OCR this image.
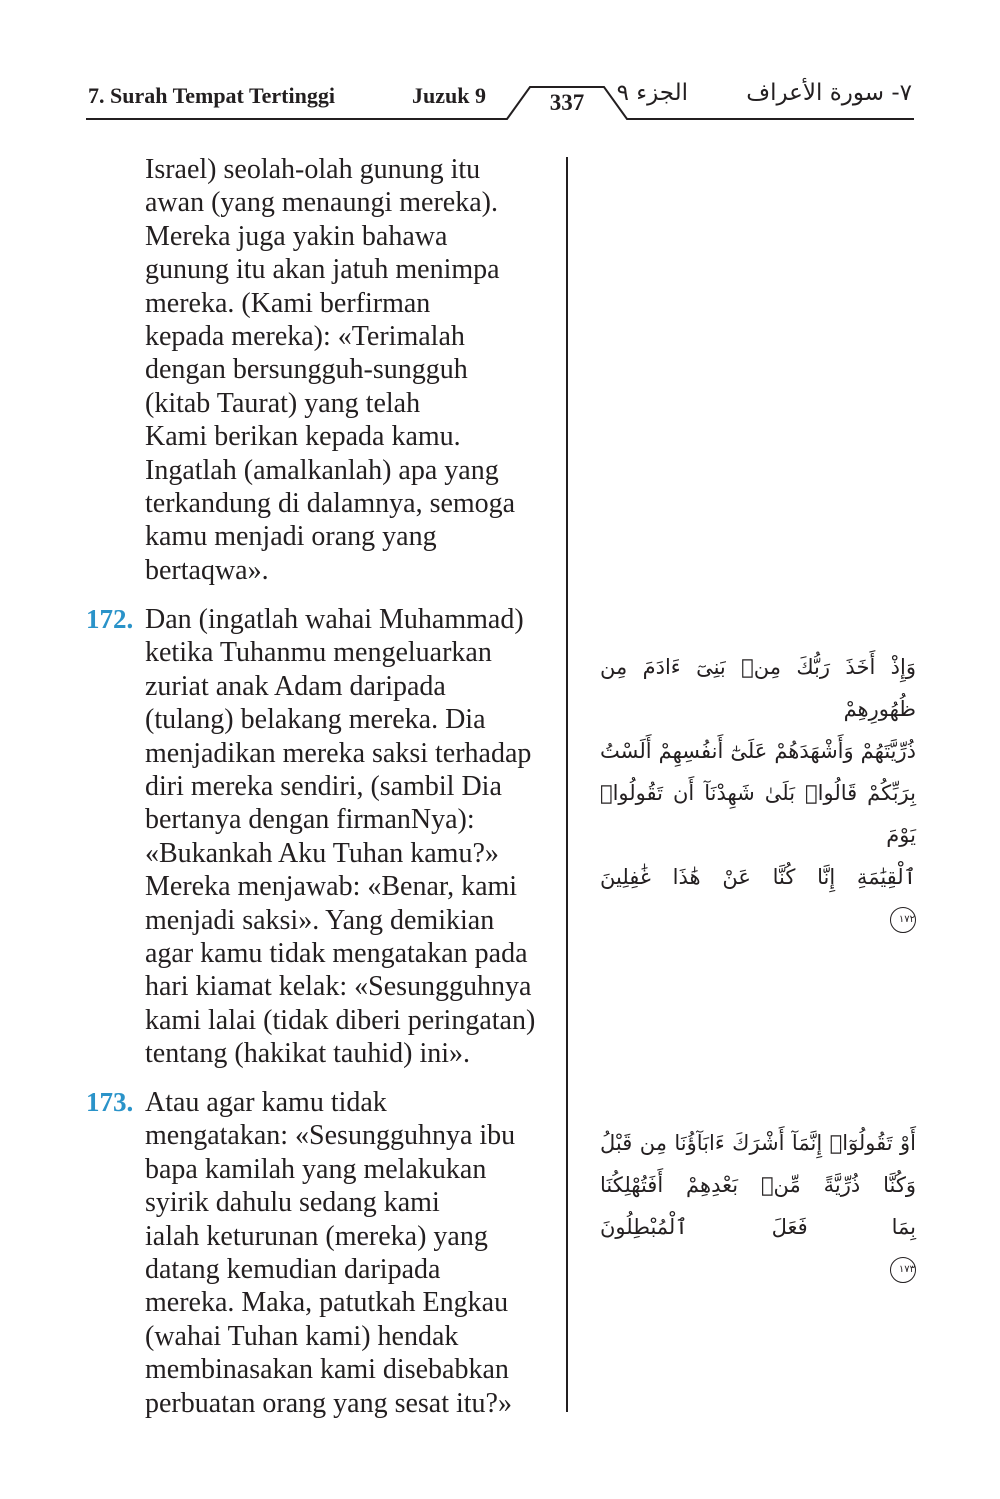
7. Surah Tempat Tertinggi	Juzuk 9	337	الجزء ٩	٧- سورة الأعراف
Israel) seolah-olah gunung itu
awan (yang menaungi mereka).
Mereka juga yakin bahawa
gunung itu akan jatuh menimpa
mereka. (Kami berfirman
kepada mereka): «Terimalah
dengan bersungguh-sungguh
(kitab Taurat) yang telah
Kami berikan kepada kamu.
Ingatlah (amalkanlah) apa yang
terkandung di dalamnya, semoga
kamu menjadi orang yang
bertaqwa».
172. Dan (ingatlah wahai Muhammad)
ketika Tuhanmu mengeluarkan
zuriat anak Adam daripada
(tulang) belakang mereka. Dia
menjadikan mereka saksi terhadap
diri mereka sendiri, (sambil Dia
bertanya dengan firmanNya):
«Bukankah Aku Tuhan kamu?»
Mereka menjawab: «Benar, kami
menjadi saksi». Yang demikian
agar kamu tidak mengatakan pada
hari kiamat kelak: «Sesungguhnya
kami lalai (tidak diberi peringatan)
tentang (hakikat tauhid) ini».

وَإِذْ أَخَذَ رَبُّكَ مِنۢ بَنِىٓ ءَادَمَ مِن ظُهُورِهِمْ
ذُرِّيَّتَهُمْ وَأَشْهَدَهُمْ عَلَىٰٓ أَنفُسِهِمْ أَلَسْتُ
بِرَبِّكُمْ قَالُوا۟ بَلَىٰ شَهِدْنَآ أَن تَقُولُوا۟ يَوْمَ
ٱلْقِيَٰمَةِ إِنَّا كُنَّا عَنْ هَٰذَا غَٰفِلِينَ
١٧٢

173. Atau agar kamu tidak
mengatakan: «Sesungguhnya ibu
bapa kamilah yang melakukan
syirik dahulu sedang kami
ialah keturunan (mereka) yang
datang kemudian daripada
mereka. Maka, patutkah Engkau
(wahai Tuhan kami) hendak
membinasakan kami disebabkan
perbuatan orang yang sesat itu?»

أَوْ تَقُولُوٓا۟ إِنَّمَآ أَشْرَكَ ءَابَآؤُنَا مِن قَبْلُ
وَكُنَّا ذُرِّيَّةً مِّنۢ بَعْدِهِمْ أَفَتُهْلِكُنَا
بِمَا فَعَلَ ٱلْمُبْطِلُونَ
١٧٣
